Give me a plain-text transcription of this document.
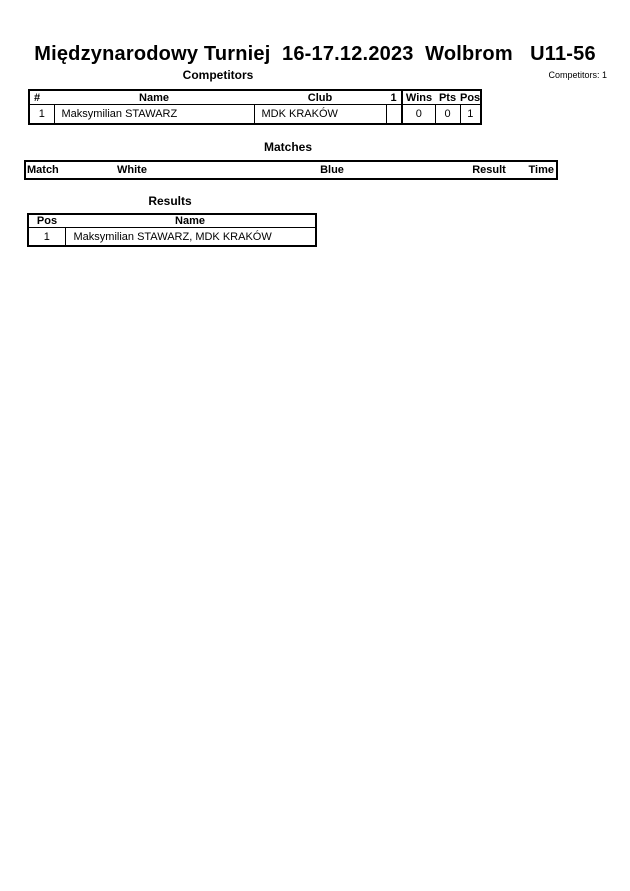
Międzynarodowy Turniej  16-17.12.2023  Wolbrom   U11-56
Competitors	Competitors: 1
#	Name	Club	1	Wins	Pts	Pos
1	Maksymilian STAWARZ	MDK KRAKÓW		0	0	1
Matches
Match	White	Blue	Result Time
Results
Pos	Name
1	Maksymilian STAWARZ, MDK KRAKÓW
